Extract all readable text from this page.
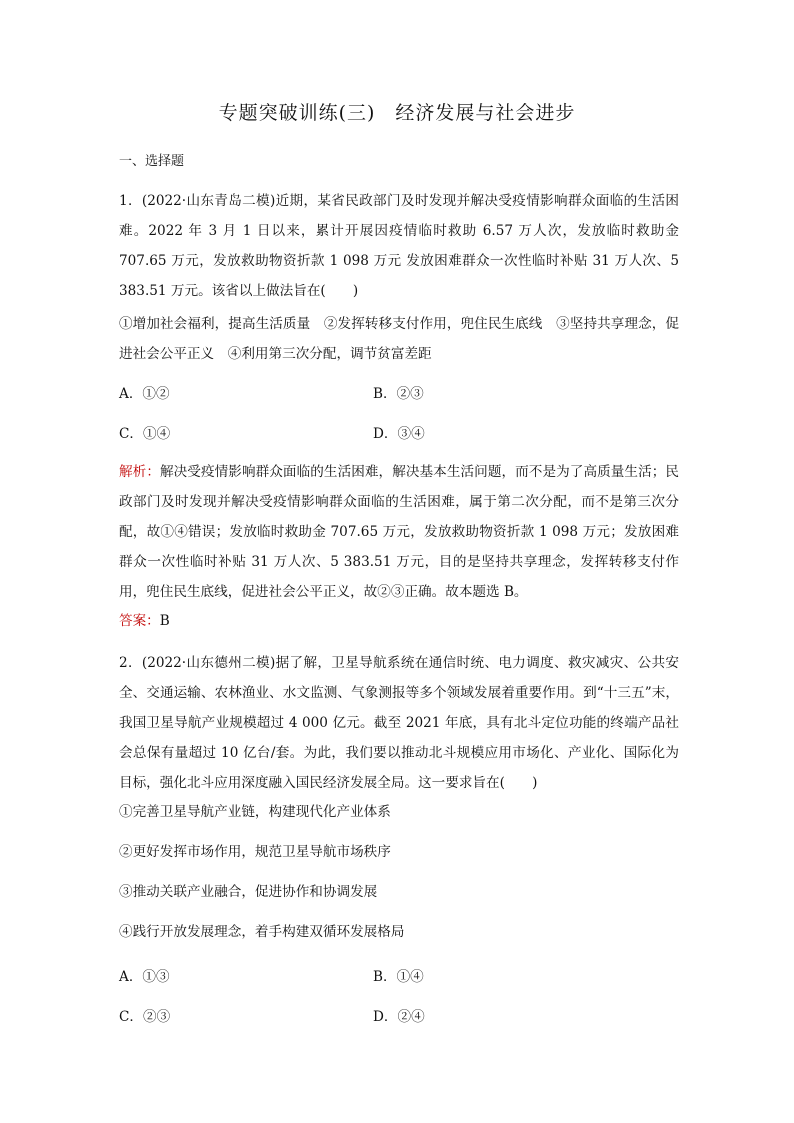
专题突破训练(三)　经济发展与社会进步
一、选择题
1．(2022·山东青岛二模)近期，某省民政部门及时发现并解决受疫情影响群众面临的生活困难。2022 年 3 月 1 日以来，累计开展因疫情临时救助 6.57 万人次，发放临时救助金 707.65 万元，发放救助物资折款 1 098 万元 发放困难群众一次性临时补贴 31 万人次、5 383.51 万元。该省以上做法旨在(　　)
①增加社会福利，提高生活质量　②发挥转移支付作用，兜住民生底线　③坚持共享理念，促进社会公平正义　④利用第三次分配，调节贫富差距
A．①②	B．②③
C．①④	D．③④
解析：解决受疫情影响群众面临的生活困难，解决基本生活问题，而不是为了高质量生活；民政部门及时发现并解决受疫情影响群众面临的生活困难，属于第二次分配，而不是第三次分配，故①④错误；发放临时救助金 707.65 万元，发放救助物资折款 1 098 万元；发放困难群众一次性临时补贴 31 万人次、5 383.51 万元，目的是坚持共享理念，发挥转移支付作用，兜住民生底线，促进社会公平正义，故②③正确。故本题选 B。
答案：B
2．(2022·山东德州二模)据了解，卫星导航系统在通信时统、电力调度、救灾减灾、公共安全、交通运输、农林渔业、水文监测、气象测报等多个领域发展着重要作用。到“十三五”末，我国卫星导航产业规模超过 4 000 亿元。截至 2021 年底，具有北斗定位功能的终端产品社会总保有量超过 10 亿台/套。为此，我们要以推动北斗规模应用市场化、产业化、国际化为目标，强化北斗应用深度融入国民经济发展全局。这一要求旨在(　　)
①完善卫星导航产业链，构建现代化产业体系
②更好发挥市场作用，规范卫星导航市场秩序
③推动关联产业融合，促进协作和协调发展
④践行开放发展理念，着手构建双循环发展格局
A．①③	B．①④
C．②③	D．②④
